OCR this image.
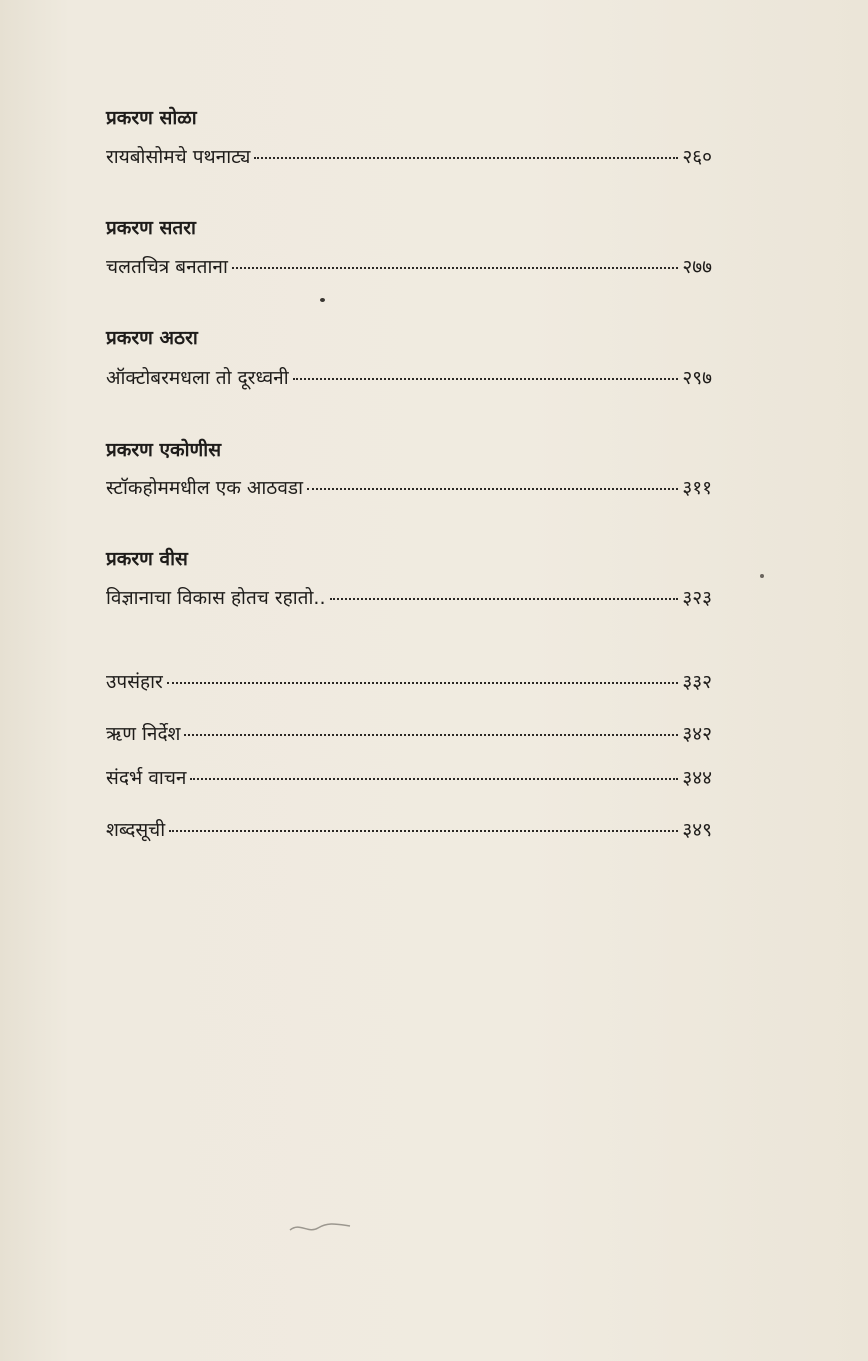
प्रकरण सोळा
रायबोसोमचे पथनाट्य	२६०
प्रकरण सतरा
चलतचित्र बनताना	२७७
प्रकरण अठरा
ऑक्टोबरमधला तो दूरध्वनी	२९७
प्रकरण एकोणीस
स्टॉकहोममधील एक आठवडा	३११
प्रकरण वीस
विज्ञानाचा विकास होतच रहातो..	३२३
उपसंहार	३३२
ऋण निर्देश	३४२
संदर्भ वाचन	३४४
शब्दसूची	३४९
